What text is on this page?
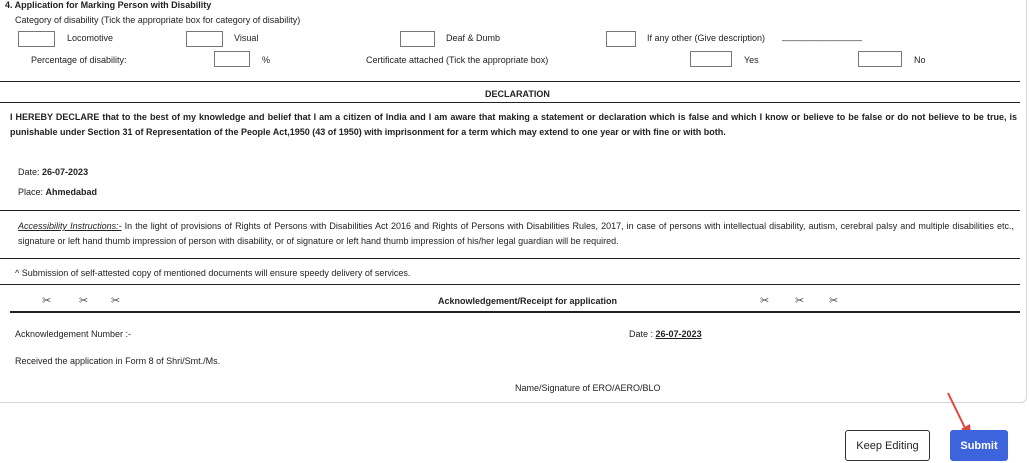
4. Application for Marking Person with Disability
Category of disability (Tick the appropriate box for category of disability)
Locomotive	Visual	Deaf & Dumb	If any other (Give description) ________________
Percentage of disability:	%	Certificate attached (Tick the appropriate box)	Yes	No
DECLARATION
I HEREBY DECLARE that to the best of my knowledge and belief that I am a citizen of India and I am aware that making a statement or declaration which is false and which I know or believe to be false or do not believe to be true, is punishable under Section 31 of Representation of the People Act,1950 (43 of 1950) with imprisonment for a term which may extend to one year or with fine or with both.
Date: 26-07-2023
Place: Ahmedabad
Accessibility Instructions:- In the light of provisions of Rights of Persons with Disabilities Act 2016 and Rights of Persons with Disabilities Rules, 2017, in case of persons with intellectual disability, autism, cerebral palsy and multiple disabilities etc., signature or left hand thumb impression of person with disability, or of signature or left hand thumb impression of his/her legal guardian will be required.
^ Submission of self-attested copy of mentioned documents will ensure speedy delivery of services.
✂	✂ ✂	Acknowledgement/Receipt for application	✂ ✂ ✂
Acknowledgement Number :-	Date : 26-07-2023
Received the application in Form 8 of Shri/Smt./Ms.
Name/Signature of ERO/AERO/BLO
Keep Editing	Submit
